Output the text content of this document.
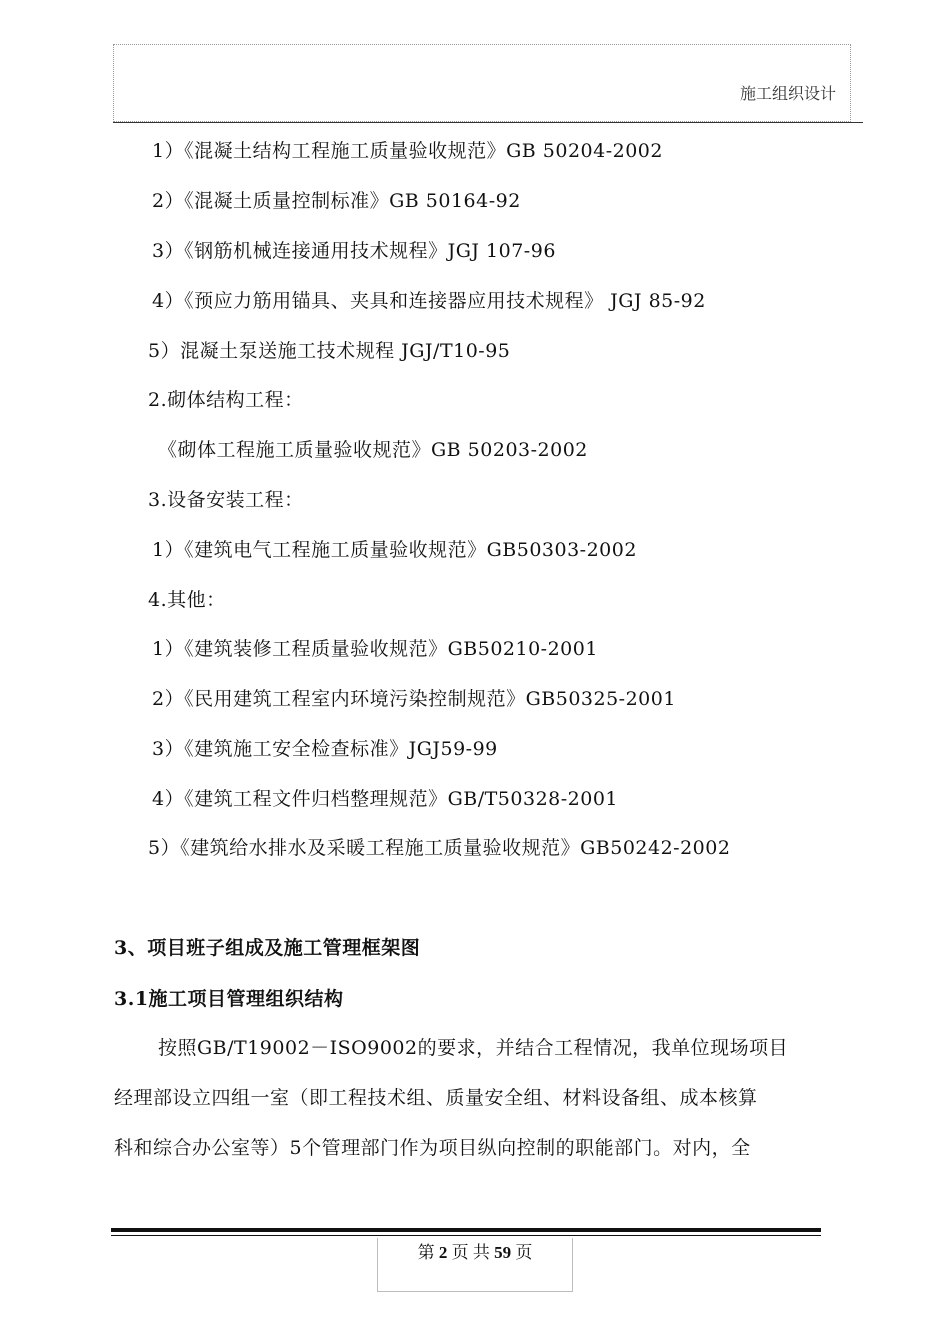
施工组织设计
1）《混凝土结构工程施工质量验收规范》GB 50204-2002
2）《混凝土质量控制标准》GB 50164-92
3）《钢筋机械连接通用技术规程》JGJ 107-96
4）《预应力筋用锚具、夹具和连接器应用技术规程》 JGJ 85-92
5）混凝土泵送施工技术规程 JGJ/T10-95
2.砌体结构工程：
《砌体工程施工质量验收规范》GB 50203-2002
3.设备安装工程：
1）《建筑电气工程施工质量验收规范》GB50303-2002
4.其他：
1）《建筑装修工程质量验收规范》GB50210-2001
2）《民用建筑工程室内环境污染控制规范》GB50325-2001
3）《建筑施工安全检查标准》JGJ59-99
4）《建筑工程文件归档整理规范》GB/T50328-2001
5）《建筑给水排水及采暖工程施工质量验收规范》GB50242-2002
3、项目班子组成及施工管理框架图
3.1施工项目管理组织结构
按照GB/T19002－ISO9002的要求，并结合工程情况，我单位现场项目
经理部设立四组一室（即工程技术组、质量安全组、材料设备组、成本核算
科和综合办公室等）5个管理部门作为项目纵向控制的职能部门。对内，全
第 2 页 共 59 页
